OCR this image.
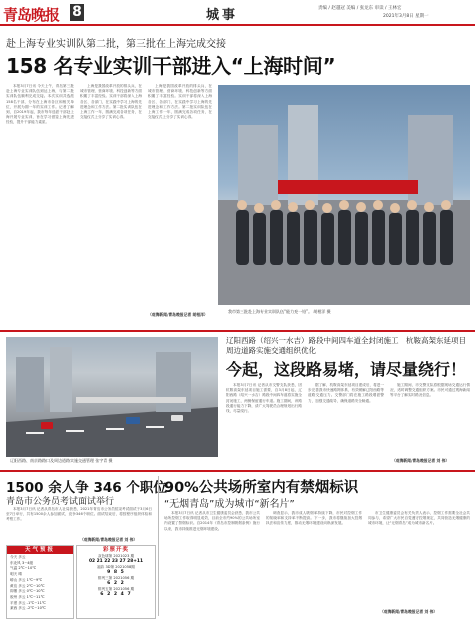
青岛晚报 8	城事	责编 / 赵越冠 美编 / 张龙东 审读 / 王林宏
2021年3月8日 星期一
赴上海专业实训队第二批，第三批在上海完成交接
158 名专业实训干部进入“上海时间”

本报3月7日讯 今天上午，青岛第三批赴上海专业实训队伍到达上海，与第二批实训队伍顺利完成交接。本次实训共选派158名干部，分布在上海市各区和相关单位，开展为期一年的实训工作。记者了解到，自2019年起，我市每年选派干部赴上海开展专业实训，旨在学习借鉴上海先进经验，提升干部能力素质。

上海是我国改革开放的排头兵，在城市管理、营商环境、科技创新等方面积累了丰富经验。实训干部将深入上海各区、各部门，在实践中学习上海的先进理念和工作方法。第二批实训队伍在上海工作一年，圆满完成各项任务，在交接仪式上分享了实训心得。

上海是我国改革开放的排头兵，在城市管理、营商环境、科技创新等方面积累了丰富经验。实训干部将深入上海各区、各部门，在实践中学习上海的先进理念和工作方法。第二批实训队伍在上海工作一年，圆满完成各项任务，在交接仪式上分享了实训心得。

（观海新闻/青岛晚报记者 胡相洋）
我市第三批赴上海专业实训队伍“能力充一铅”。 胡相洋 摄
辽阳西路、南京路路口及周边道路实施交通管理 张宇青 摄
辽阳西路（绍兴一水吉）路段中间四车道全封闭施工　杭鞍高架东延项目周边道路实施交通组织优化
今起，这段路易堵，请尽量绕行！

本报3月7日讯 记者从市交警支队获悉，因杭鞍高架东延项目施工需要，自3月8日起，辽阳西路（绍兴一水吉）路段中间四车道将实施全封闭施工，两侧保留通行车道。施工期间，该路段通行能力下降，请广大驾驶员合理规划出行路线，尽量绕行。

据了解，杭鞍高架东延项目建成后，将进一步完善我市快速路网体系，有效缓解辽阳西路等道路交通压力。交警部门将在施工路段增派警力，加强交通疏导，确保道路安全畅通。

施工期间，市交警支队将根据现场交通运行情况，适时调整交通组织方案。市民可通过观海新闻等平台了解实时路况信息。

（观海新闻/青岛晚报记者 刘 伟）
1500 余人争 346 个职位
青岛市公务员考试面试举行

本报3月7日讯 记者从青岛市人社局获悉，2021年青岛市公务员招录考试面试于3月6日至7日举行，共有1500余人参加面试，竞争346个职位。面试结束后，将按程序组织体检和考察工作。

（观海新闻/青岛晚报记者 刘 伟）
天气预报
今天 多云
东北风 3~4级
气温 2℃~10℃
明天 晴
崂山 多云 1℃~9℃
黄岛 多云 2℃~10℃
即墨 多云 0℃~10℃
胶州 多云 1℃~11℃
平度 多云 -1℃~11℃
莱西 多云 -2℃~10℃
彩票开奖
双色球第 2021023 期
02 21 22 23 27 28+11
福彩 3D第 2021058期
9 8 5
排列三第 2021056 期
6 2 2
排列五第 2021056 期
6 2 2 4 7
90%公共场所室内有禁烟标识
“无烟青岛”成为城市“新名片”

本报3月7日讯 记者从市卫生健康委员会获悉，我市公共场所控烟工作取得明显成效，目前全市约90%的公共场所室内设置了禁烟标识。自2014年《青岛市控制吸烟条例》施行以来，我市持续推进无烟环境建设。

调查显示，我市成人吸烟率持续下降，市民对控烟工作的知晓率和支持率不断提高。下一步，我市将继续加大控烟执法和宣传力度，推动无烟环境建设向纵深发展。

市卫生健康委员会有关负责人表示，控烟工作需要全社会共同参与，希望广大市民自觉遵守控烟规定，共同营造无烟健康的城市环境，让“无烟青岛”成为城市新名片。

（观海新闻/青岛晚报记者 刘 伟）
